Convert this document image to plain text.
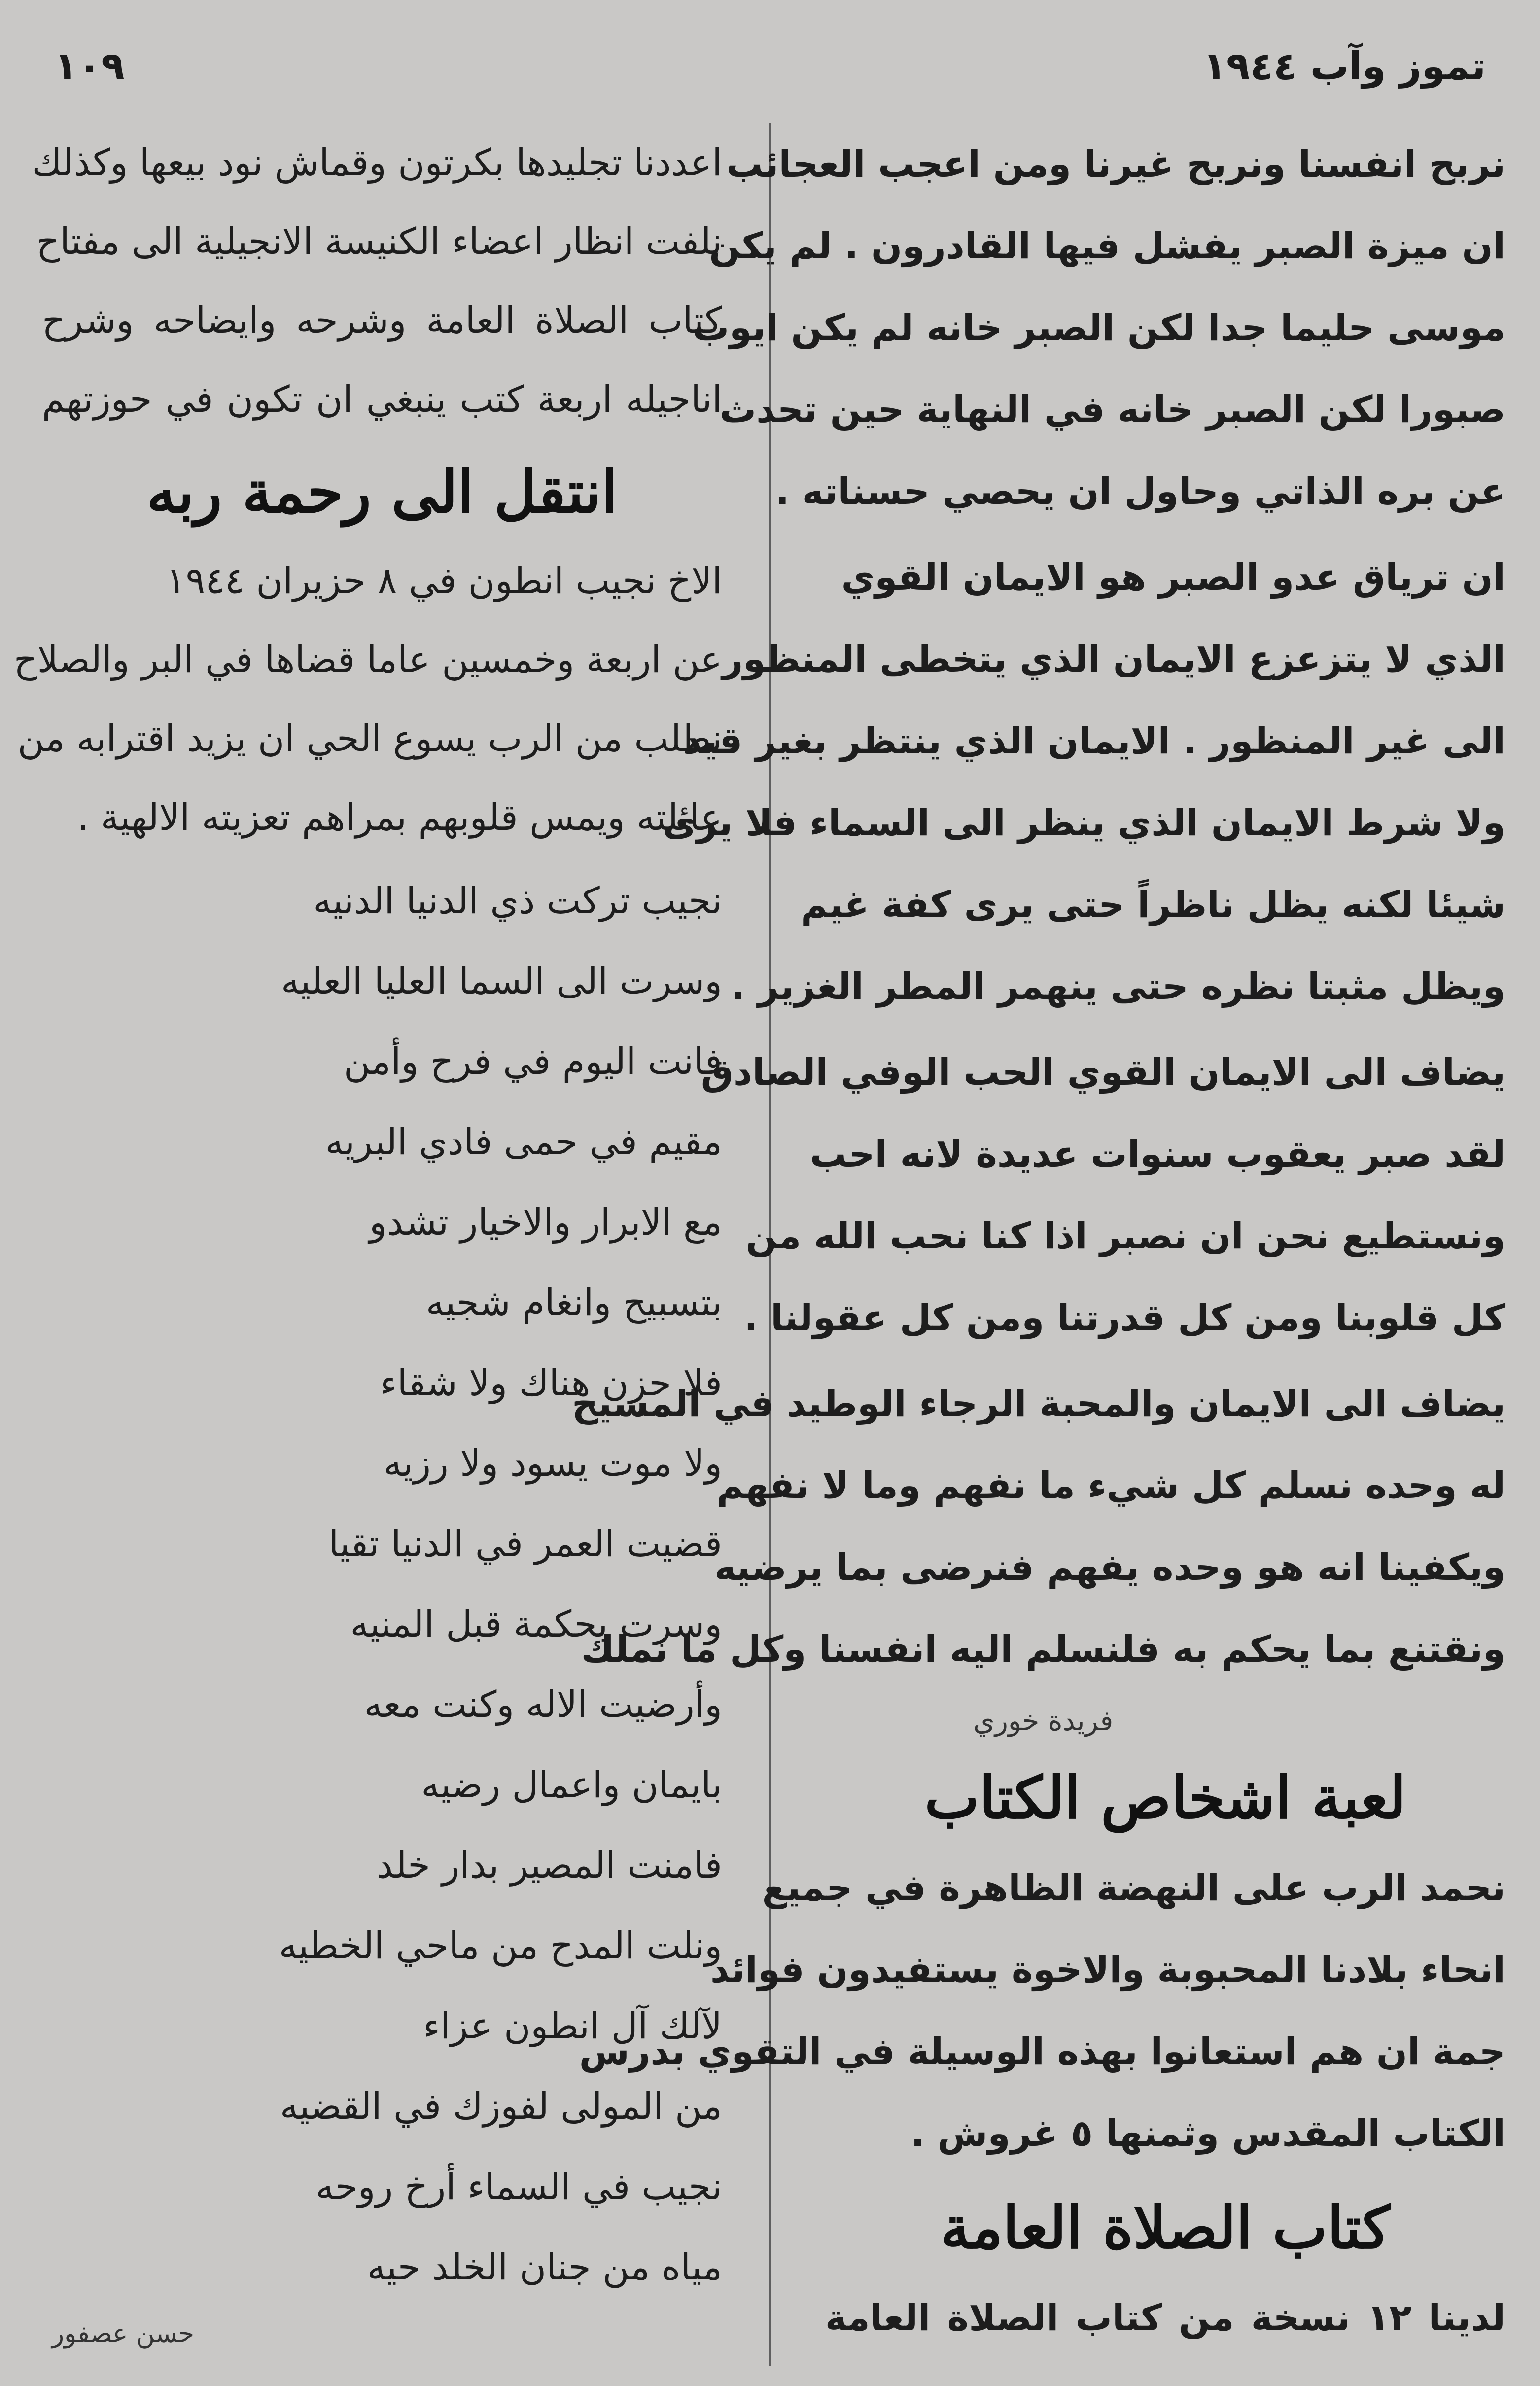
تموز وآب ١٩٤٤
١٠٩
نربح انفسنا ونربح غيرنا ومن اعجب العجائب
ان ميزة الصبر يفشل فيها القادرون . لم يكن
موسى حليما جدا لكن الصبر خانه لم يكن ايوب
صبورا لكن الصبر خانه في النهاية حين تحدث
عن بره الذاتي وحاول ان يحصي حسناته .
ان ترياق عدو الصبر هو الايمان القوي
الذي لا يتزعزع الايمان الذي يتخطى المنظور
الى غير المنظور . الايمان الذي ينتظر بغير قيد
ولا شرط الايمان الذي ينظر الى السماء فلا يرى
شيئا لكنه يظل ناظراً حتى يرى كفة غيم
ويظل مثبتا نظره حتى ينهمر المطر الغزير .
يضاف الى الايمان القوي الحب الوفي الصادق
لقد صبر يعقوب سنوات عديدة لانه احب
ونستطيع نحن ان نصبر اذا كنا نحب الله من
كل قلوبنا ومن كل قدرتنا ومن كل عقولنا .
يضاف الى الايمان والمحبة الرجاء الوطيد في المسيح
له وحده نسلم كل شيء ما نفهم وما لا نفهم
ويكفينا انه هو وحده يفهم فنرضى بما يرضيه
ونقتنع بما يحكم به فلنسلم اليه انفسنا وكل ما نملك
فريدة خوري
لعبة اشخاص الكتاب
نحمد الرب على النهضة الظاهرة في جميع
انحاء بلادنا المحبوبة والاخوة يستفيدون فوائد
جمة ان هم استعانوا بهذه الوسيلة في التقوي بدرس
الكتاب المقدس وثمنها ٥ غروش .
كتاب الصلاة العامة
لدينا ١٢ نسخة من كتاب الصلاة العامة
اعددنا تجليدها بكرتون وقماش نود بيعها وكذلك
نلفت انظار اعضاء الكنيسة الانجيلية الى مفتاح
كتاب الصلاة العامة وشرحه وايضاحه وشرح
اناجيله اربعة كتب ينبغي ان تكون في حوزتهم
انتقل الى رحمة ربه
الاخ نجيب انطون في ٨ حزيران ١٩٤٤
عن اربعة وخمسين عاما قضاها في البر والصلاح
نطلب من الرب يسوع الحي ان يزيد اقترابه من
عائلته ويمس قلوبهم بمراهم تعزيته الالهية .
نجيب تركت ذي الدنيا الدنيه
وسرت الى السما العليا العليه
فانت اليوم في فرح وأمن
مقيم في حمى فادي البريه
مع الابرار والاخيار تشدو
بتسبيح وانغام شجيه
فلا حزن هناك ولا شقاء
ولا موت يسود ولا رزيه
قضيت العمر في الدنيا تقيا
وسرت بحكمة قبل المنيه
وأرضيت الاله وكنت معه
بايمان واعمال رضيه
فامنت المصير بدار خلد
ونلت المدح من ماحي الخطيه
لآلك آل انطون عزاء
من المولى لفوزك في القضيه
نجيب في السماء أرخ روحه
مياه من جنان الخلد حيه
حسن عصفور
